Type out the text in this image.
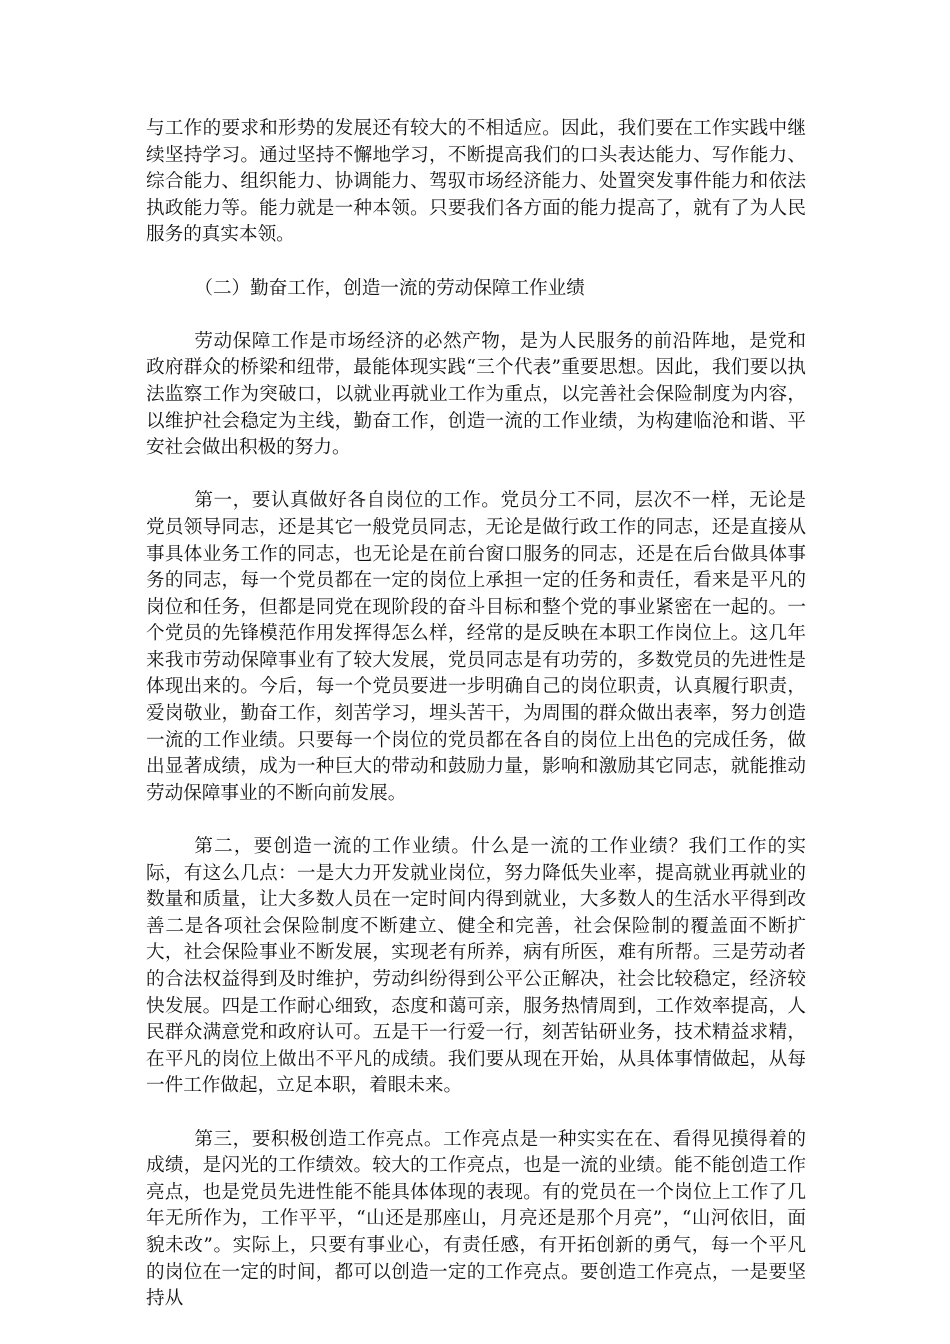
与工作的要求和形势的发展还有较大的不相适应。因此，我们要在工作实践中继续坚持学习。通过坚持不懈地学习，不断提高我们的口头表达能力、写作能力、综合能力、组织能力、协调能力、驾驭市场经济能力、处置突发事件能力和依法执政能力等。能力就是一种本领。只要我们各方面的能力提高了，就有了为人民服务的真实本领。

（二）勤奋工作，创造一流的劳动保障工作业绩

劳动保障工作是市场经济的必然产物，是为人民服务的前沿阵地，是党和政府群众的桥梁和纽带，最能体现实践“三个代表”重要思想。因此，我们要以执法监察工作为突破口，以就业再就业工作为重点，以完善社会保险制度为内容，以维护社会稳定为主线，勤奋工作，创造一流的工作业绩，为构建临沧和谐、平安社会做出积极的努力。

第一，要认真做好各自岗位的工作。党员分工不同，层次不一样，无论是党员领导同志，还是其它一般党员同志，无论是做行政工作的同志，还是直接从事具体业务工作的同志，也无论是在前台窗口服务的同志，还是在后台做具体事务的同志，每一个党员都在一定的岗位上承担一定的任务和责任，看来是平凡的岗位和任务，但都是同党在现阶段的奋斗目标和整个党的事业紧密在一起的。一个党员的先锋模范作用发挥得怎么样，经常的是反映在本职工作岗位上。这几年来我市劳动保障事业有了较大发展，党员同志是有功劳的，多数党员的先进性是体现出来的。今后，每一个党员要进一步明确自己的岗位职责，认真履行职责，爱岗敬业，勤奋工作，刻苦学习，埋头苦干，为周围的群众做出表率，努力创造一流的工作业绩。只要每一个岗位的党员都在各自的岗位上出色的完成任务，做出显著成绩，成为一种巨大的带动和鼓励力量，影响和激励其它同志，就能推动劳动保障事业的不断向前发展。

第二，要创造一流的工作业绩。什么是一流的工作业绩？我们工作的实际，有这么几点：一是大力开发就业岗位，努力降低失业率，提高就业再就业的数量和质量，让大多数人员在一定时间内得到就业，大多数人的生活水平得到改善二是各项社会保险制度不断建立、健全和完善，社会保险制的覆盖面不断扩大，社会保险事业不断发展，实现老有所养，病有所医，难有所帮。三是劳动者的合法权益得到及时维护，劳动纠纷得到公平公正解决，社会比较稳定，经济较快发展。四是工作耐心细致，态度和蔼可亲，服务热情周到，工作效率提高，人民群众满意党和政府认可。五是干一行爱一行，刻苦钻研业务，技术精益求精，在平凡的岗位上做出不平凡的成绩。我们要从现在开始，从具体事情做起，从每一件工作做起，立足本职，着眼未来。

第三，要积极创造工作亮点。工作亮点是一种实实在在、看得见摸得着的成绩，是闪光的工作绩效。较大的工作亮点，也是一流的业绩。能不能创造工作亮点，也是党员先进性能不能具体体现的表现。有的党员在一个岗位上工作了几年无所作为，工作平平，“山还是那座山，月亮还是那个月亮”，“山河依旧，面貌未改”。实际上，只要有事业心，有责任感，有开拓创新的勇气，每一个平凡的岗位在一定的时间，都可以创造一定的工作亮点。要创造工作亮点，一是要坚持从
